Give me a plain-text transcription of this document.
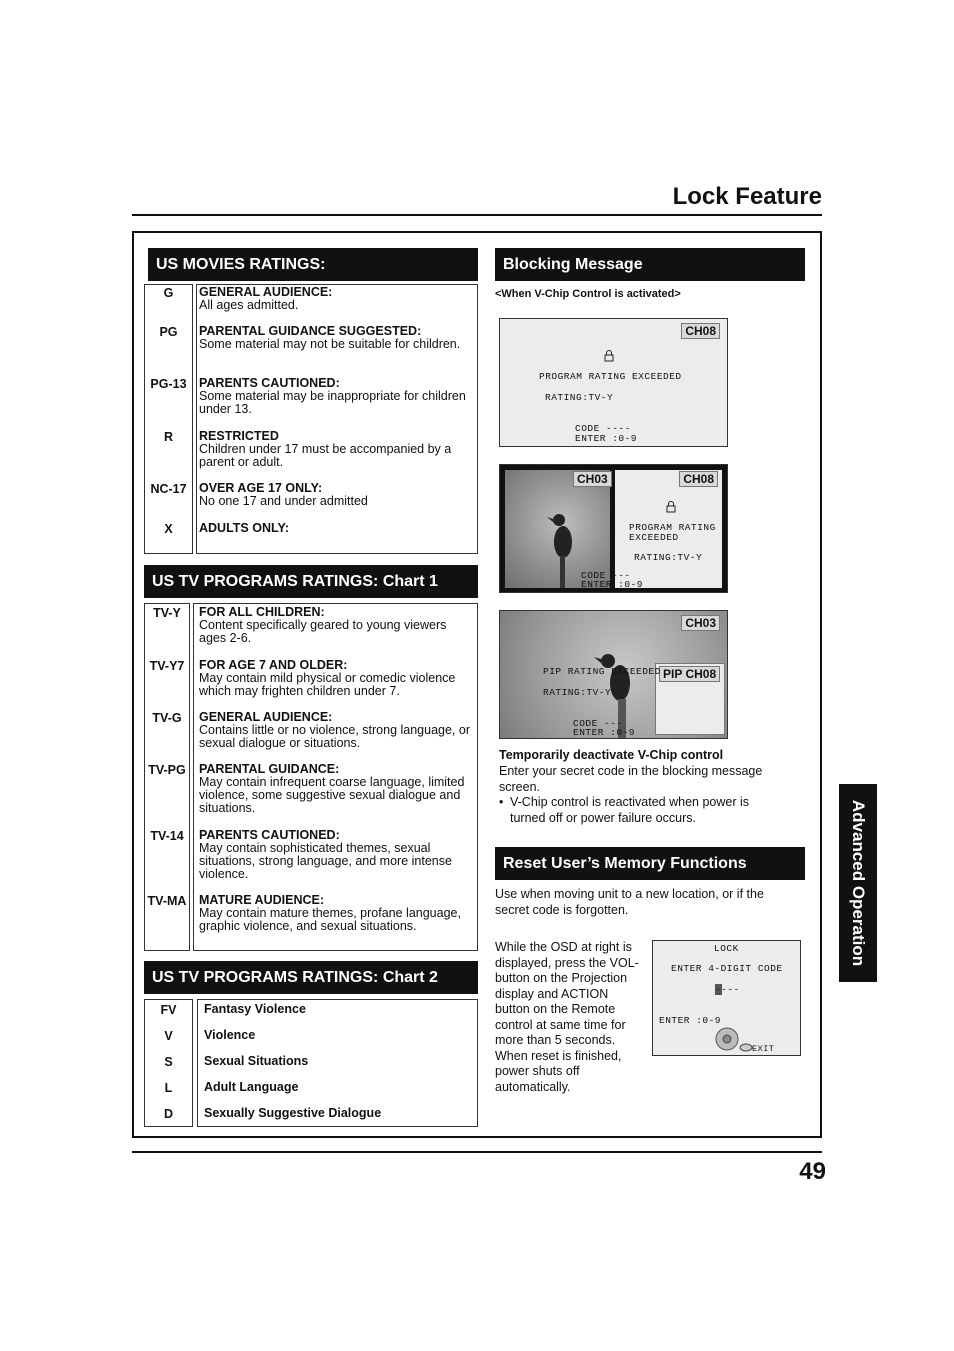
Lock Feature
US MOVIES RATINGS:
G	GENERAL AUDIENCE:
All ages admitted.
PG	PARENTAL GUIDANCE SUGGESTED:
Some material may not be suitable for children.
PG-13 PARENTS CAUTIONED:
Some material may be inappropriate for children under 13.
R	RESTRICTED
Children under 17 must be accompanied by a parent or adult.
NC-17 OVER AGE 17 ONLY:
No one 17 and under admitted
X	ADULTS ONLY:
US TV PROGRAMS RATINGS: Chart 1
TV-Y	FOR ALL CHILDREN:
Content specifically geared to young viewers ages 2-6.
TV-Y7	FOR AGE 7 AND OLDER:
May contain mild physical or comedic violence which may frighten children under 7.
TV-G	GENERAL AUDIENCE:
Contains little or no violence, strong language, or sexual dialogue or situations.
TV-PG	PARENTAL GUIDANCE:
May contain infrequent coarse language, limited violence, some suggestive sexual dialogue and situations.
TV-14	PARENTS CAUTIONED:
May contain sophisticated themes, sexual situations, strong language, and more intense violence.
TV-MA MATURE AUDIENCE:
May contain mature themes, profane language, graphic violence, and sexual situations.
US TV PROGRAMS RATINGS: Chart 2
FV	Fantasy Violence
V	Violence
S	Sexual Situations
L	Adult Language
D	Sexually Suggestive Dialogue
Blocking Message
<When V-Chip Control is activated>
CH08
PROGRAM RATING EXCEEDED
RATING:TV-Y
CODE ----
ENTER :0-9
CH03	CH08
PROGRAM RATING
EXCEEDED
RATING:TV-Y
CODE ---
ENTER :0-9
CH03
PIP CH08
PIP RATING EXCEEDED
RATING:TV-Y
CODE ---
ENTER :0-9
Temporarily deactivate V-Chip control
Enter your secret code in the blocking message screen.
• V-Chip control is reactivated when power is turned off or power failure occurs.
Reset User’s Memory Functions
Use when moving unit to a new location, or if the secret code is forgotten.
While the OSD at right is displayed, press the VOL- button on the Projection display and ACTION button on the Remote control at same time for more than 5 seconds. When reset is finished, power shuts off automatically.
LOCK
ENTER 4-DIGIT CODE
----
ENTER :0-9
EXIT
Advanced Operation
49
